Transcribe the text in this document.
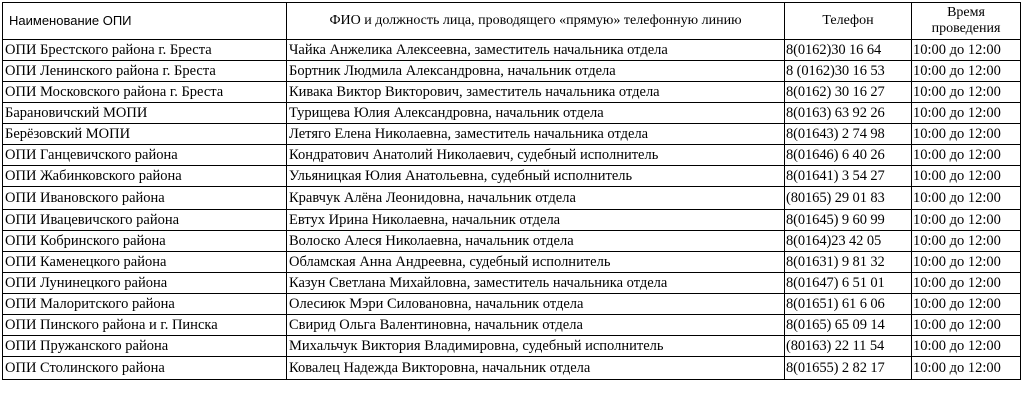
Наименование ОПИ	ФИО и должность лица, проводящего «прямую» телефонную линию	Телефон	Время проведения
ОПИ Брестского района г. Бреста	Чайка Анжелика Алексеевна, заместитель начальника отдела	8(0162)30 16 64	10:00 до 12:00
ОПИ Ленинского района г. Бреста	Бортник Людмила Александровна, начальник отдела	8 (0162)30 16 53	10:00 до 12:00
ОПИ Московского района г. Бреста	Кивака Виктор Викторович, заместитель начальника отдела	8(0162) 30 16 27	10:00 до 12:00
Барановичский МОПИ	Турищева Юлия Александровна, начальник отдела	8(0163) 63 92 26	10:00 до 12:00
Берёзовский МОПИ	Летяго Елена Николаевна, заместитель начальника отдела	8(01643) 2 74 98	10:00 до 12:00
ОПИ Ганцевичского района	Кондратович Анатолий Николаевич, судебный исполнитель	8(01646) 6 40 26	10:00 до 12:00
ОПИ Жабинковского района	Ульяницкая Юлия Анатольевна, судебный исполнитель	8(01641) 3 54 27	10:00 до 12:00
ОПИ Ивановского района	Кравчук Алёна Леонидовна, начальник отдела	(80165) 29 01 83	10:00 до 12:00
ОПИ Ивацевичского района	Евтух Ирина Николаевна, начальник отдела	8(01645) 9 60 99	10:00 до 12:00
ОПИ Кобринского района	Волоско Алеся Николаевна, начальник отдела	8(0164)23 42 05	10:00 до 12:00
ОПИ Каменецкого района	Обламская Анна Андреевна, судебный исполнитель	8(01631) 9 81 32	10:00 до 12:00
ОПИ Лунинецкого района	Казун Светлана Михайловна, заместитель начальника отдела	8(01647) 6 51 01	10:00 до 12:00
ОПИ Малоритского района	Олесиюк Мэри Силовановна, начальник отдела	8(01651) 61 6 06	10:00 до 12:00
ОПИ Пинского района и г. Пинска	Свирид Ольга Валентиновна, начальник отдела	8(0165) 65 09 14	10:00 до 12:00
ОПИ Пружанского района	Михальчук Виктория Владимировна, судебный исполнитель	(80163) 22 11 54	10:00 до 12:00
ОПИ Столинского района	Ковалец Надежда Викторовна, начальник отдела	8(01655) 2 82 17	10:00 до 12:00
